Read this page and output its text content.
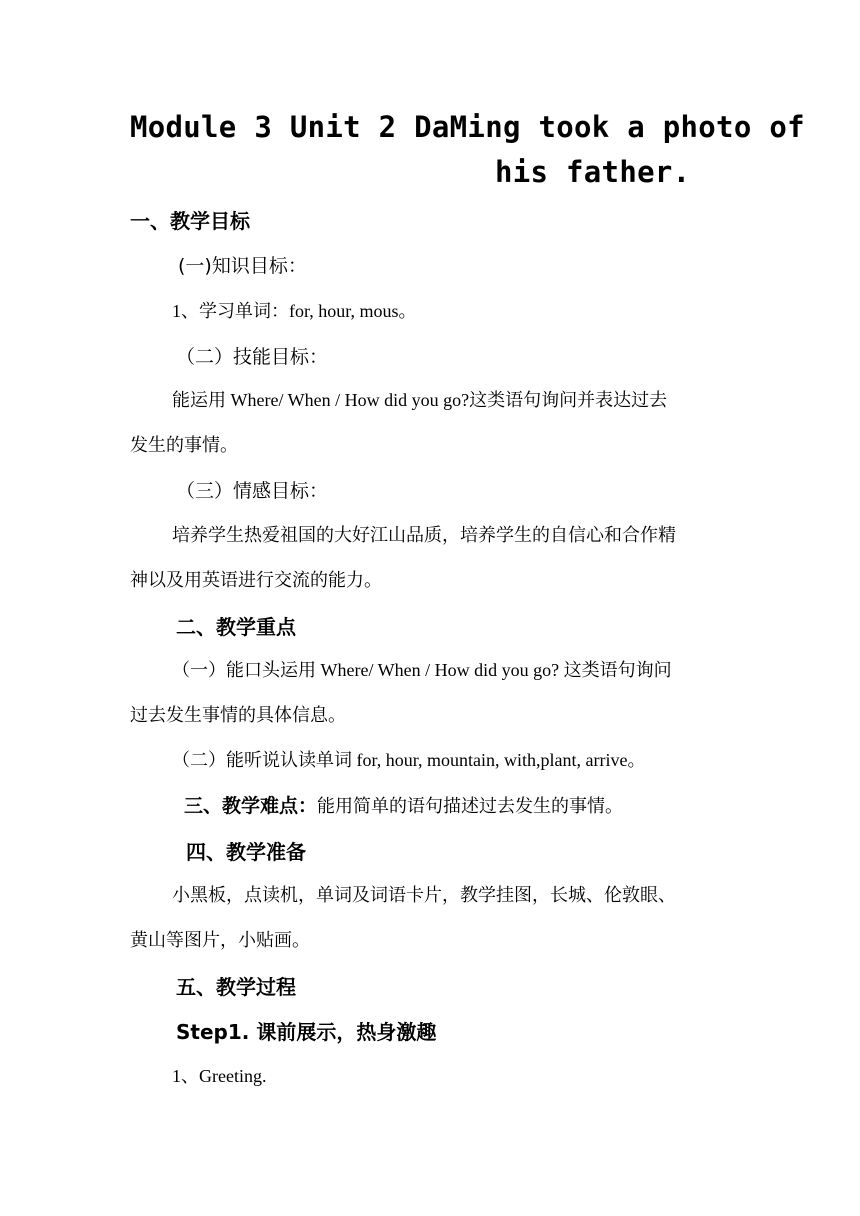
Module 3 Unit 2 DaMing took a photo of
his father.
一、教学目标
(一)知识目标：
1、学习单词：for, hour, mous。
（二）技能目标：
能运用 Where/ When / How did you go?这类语句询问并表达过去
发生的事情。
（三）情感目标：
培养学生热爱祖国的大好江山品质，培养学生的自信心和合作精
神以及用英语进行交流的能力。
二、教学重点
（一）能口头运用 Where/ When / How did you go? 这类语句询问
过去发生事情的具体信息。
（二）能听说认读单词 for, hour, mountain, with,plant, arrive。
三、教学难点：能用简单的语句描述过去发生的事情。
四、教学准备
小黑板，点读机，单词及词语卡片，教学挂图，长城、伦敦眼、
黄山等图片，小贴画。
五、教学过程
Step1. 课前展示，热身激趣
1、Greeting.
